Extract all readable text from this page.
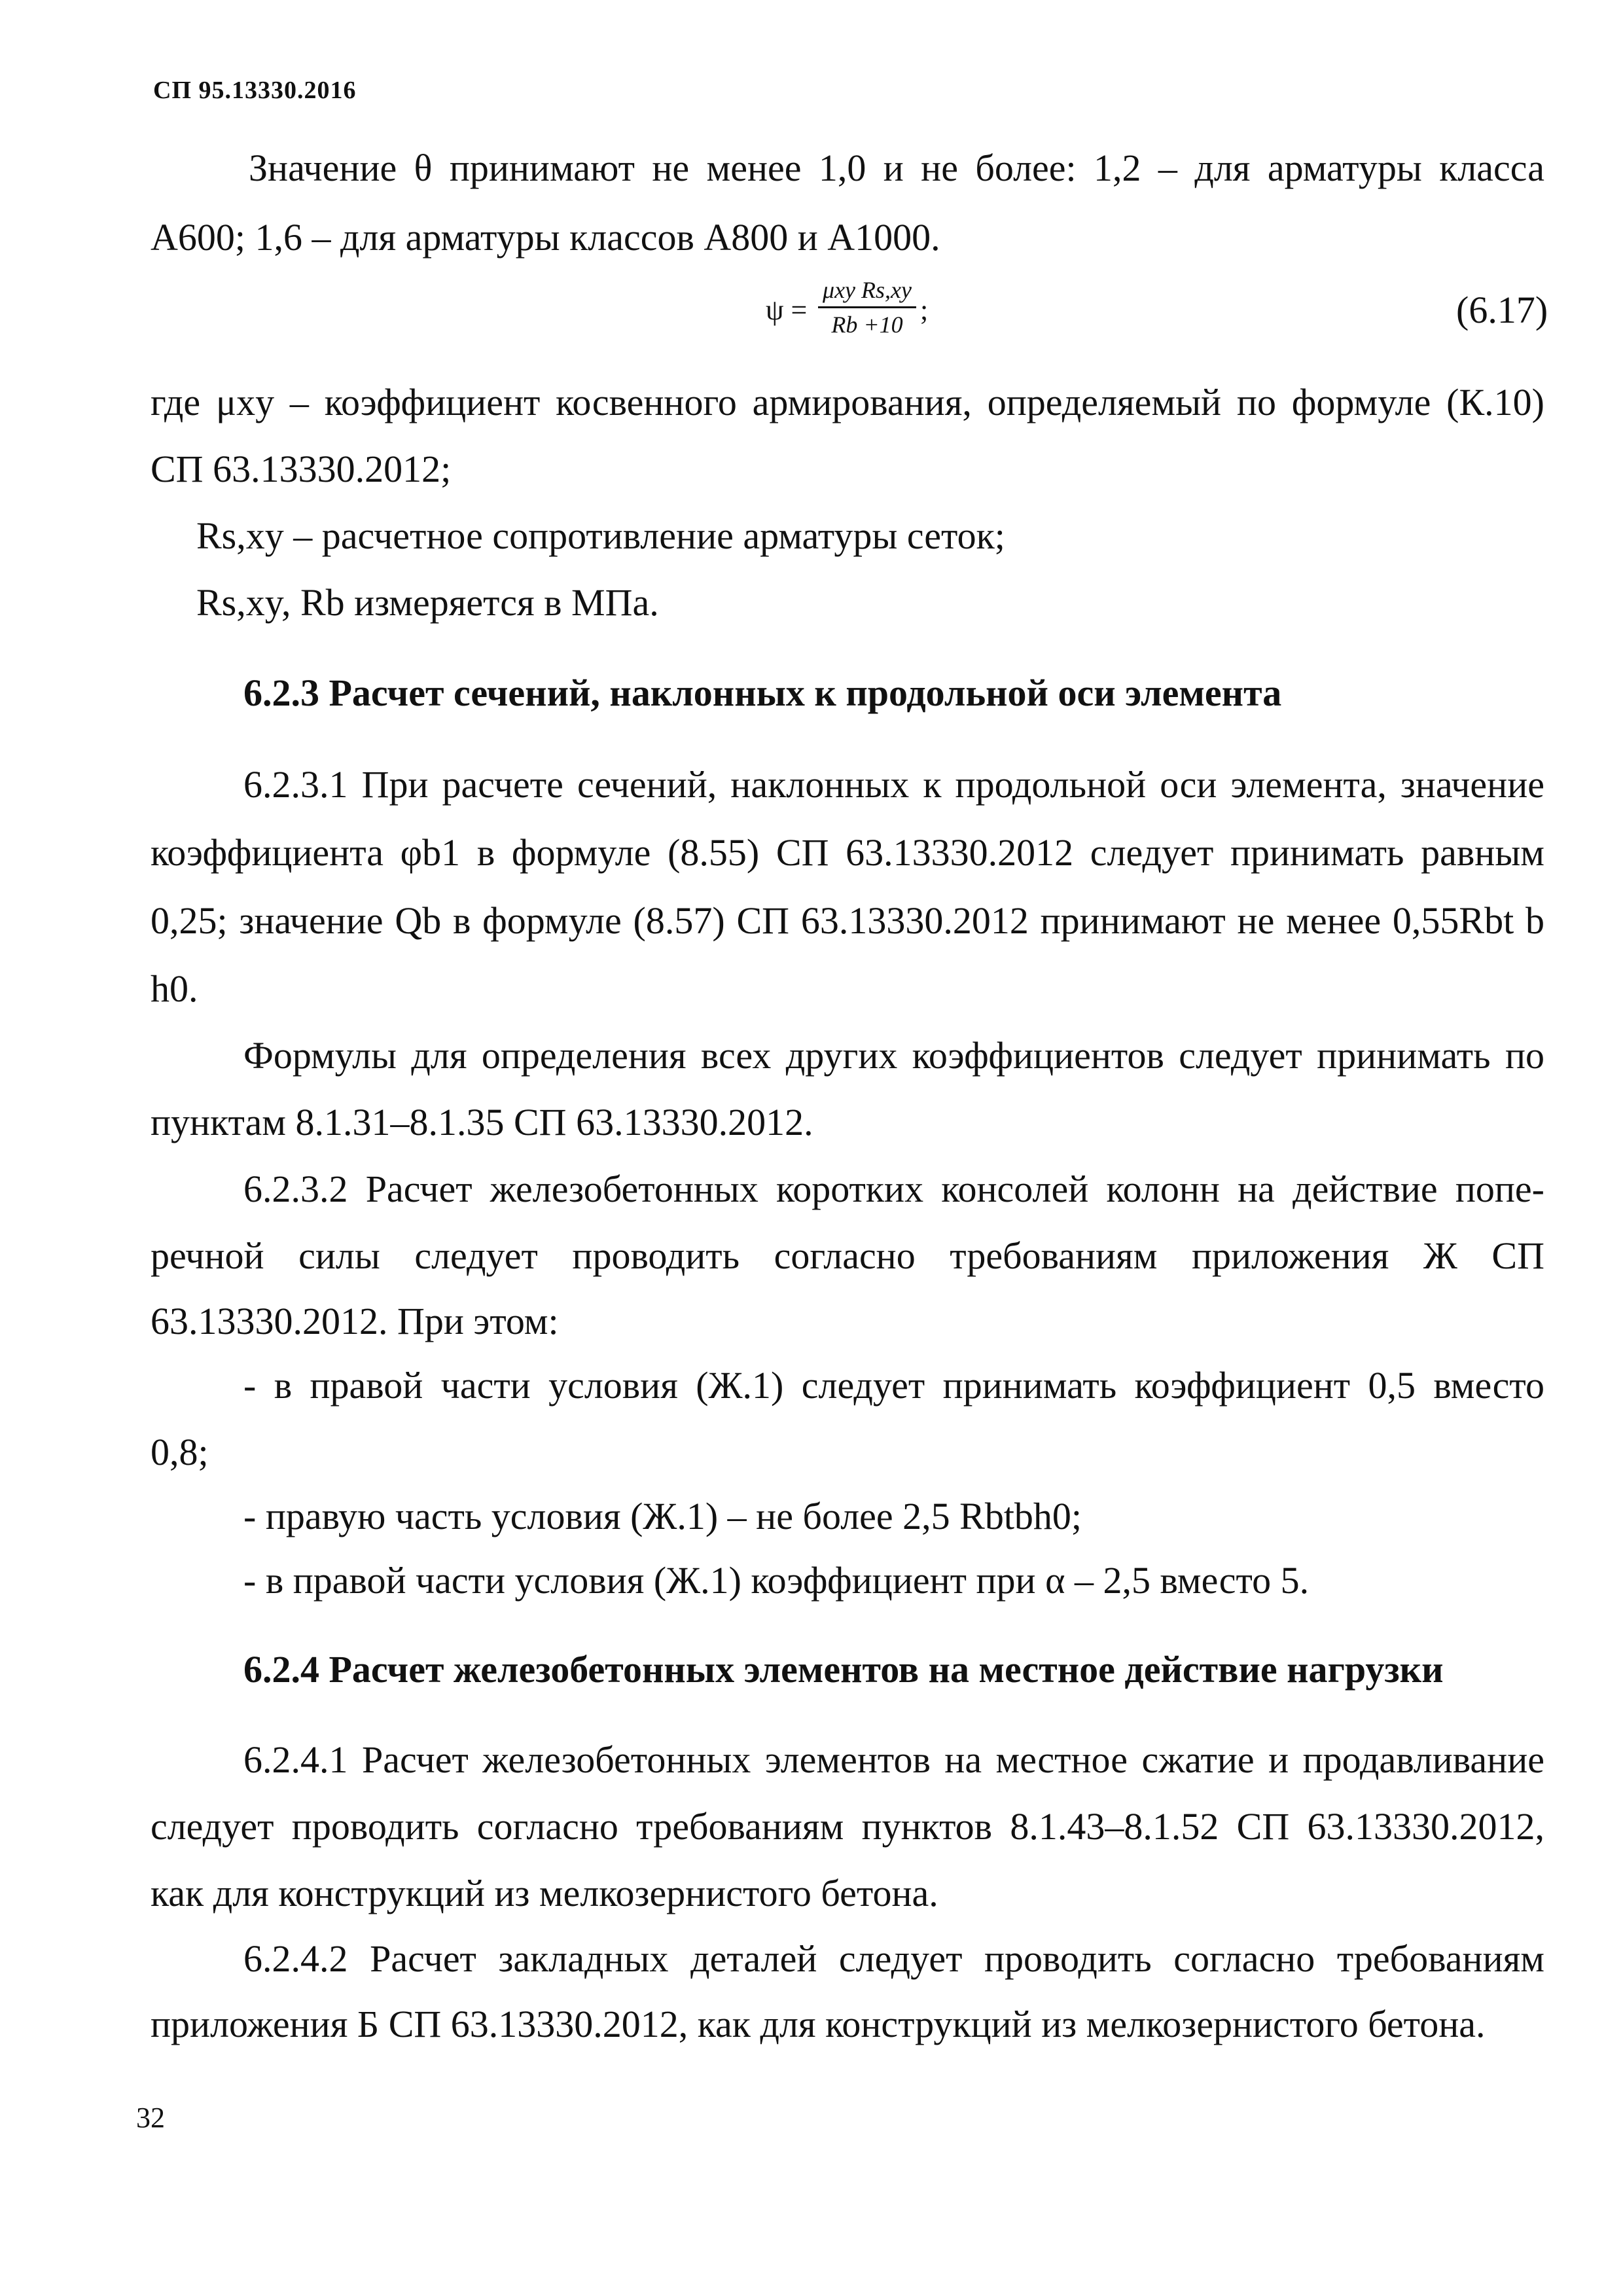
СП 95.13330.2016
Значение θ принимают не менее 1,0 и не более: 1,2 – для арматуры класса
А600; 1,6 – для арматуры классов А800 и А1000.
ψ =
μxy Rs,xy
Rb +10 ;	(6.17)
где μxy – коэффициент косвенного армирования, определяемый по формуле (К.10)
СП 63.13330.2012;
Rs,xy – расчетное сопротивление арматуры сеток;
Rs,xy, Rb измеряется в МПа.
6.2.3 Расчет сечений, наклонных к продольной оси элемента
6.2.3.1 При расчете сечений, наклонных к продольной оси элемента, значение
коэффициента φb1 в формуле (8.55) СП 63.13330.2012 следует принимать равным
0,25; значение Qb в формуле (8.57) СП 63.13330.2012 принимают не менее 0,55Rbt b
h0.
Формулы для определения всех других коэффициентов следует принимать по
пунктам 8.1.31–8.1.35 СП 63.13330.2012.
6.2.3.2 Расчет железобетонных коротких консолей колонн на действие попе-
речной силы следует проводить согласно требованиям приложения Ж СП
63.13330.2012. При этом:
- в правой части условия (Ж.1) следует принимать коэффициент 0,5 вместо
0,8;
- правую часть условия (Ж.1) – не более 2,5 Rbtbh0;
- в правой части условия (Ж.1) коэффициент при α – 2,5 вместо 5.
6.2.4 Расчет железобетонных элементов на местное действие нагрузки
6.2.4.1 Расчет железобетонных элементов на местное сжатие и продавливание
следует проводить согласно требованиям пунктов 8.1.43–8.1.52 СП 63.13330.2012,
как для конструкций из мелкозернистого бетона.
6.2.4.2 Расчет закладных деталей следует проводить согласно требованиям
приложения Б СП 63.13330.2012, как для конструкций из мелкозернистого бетона.
32
